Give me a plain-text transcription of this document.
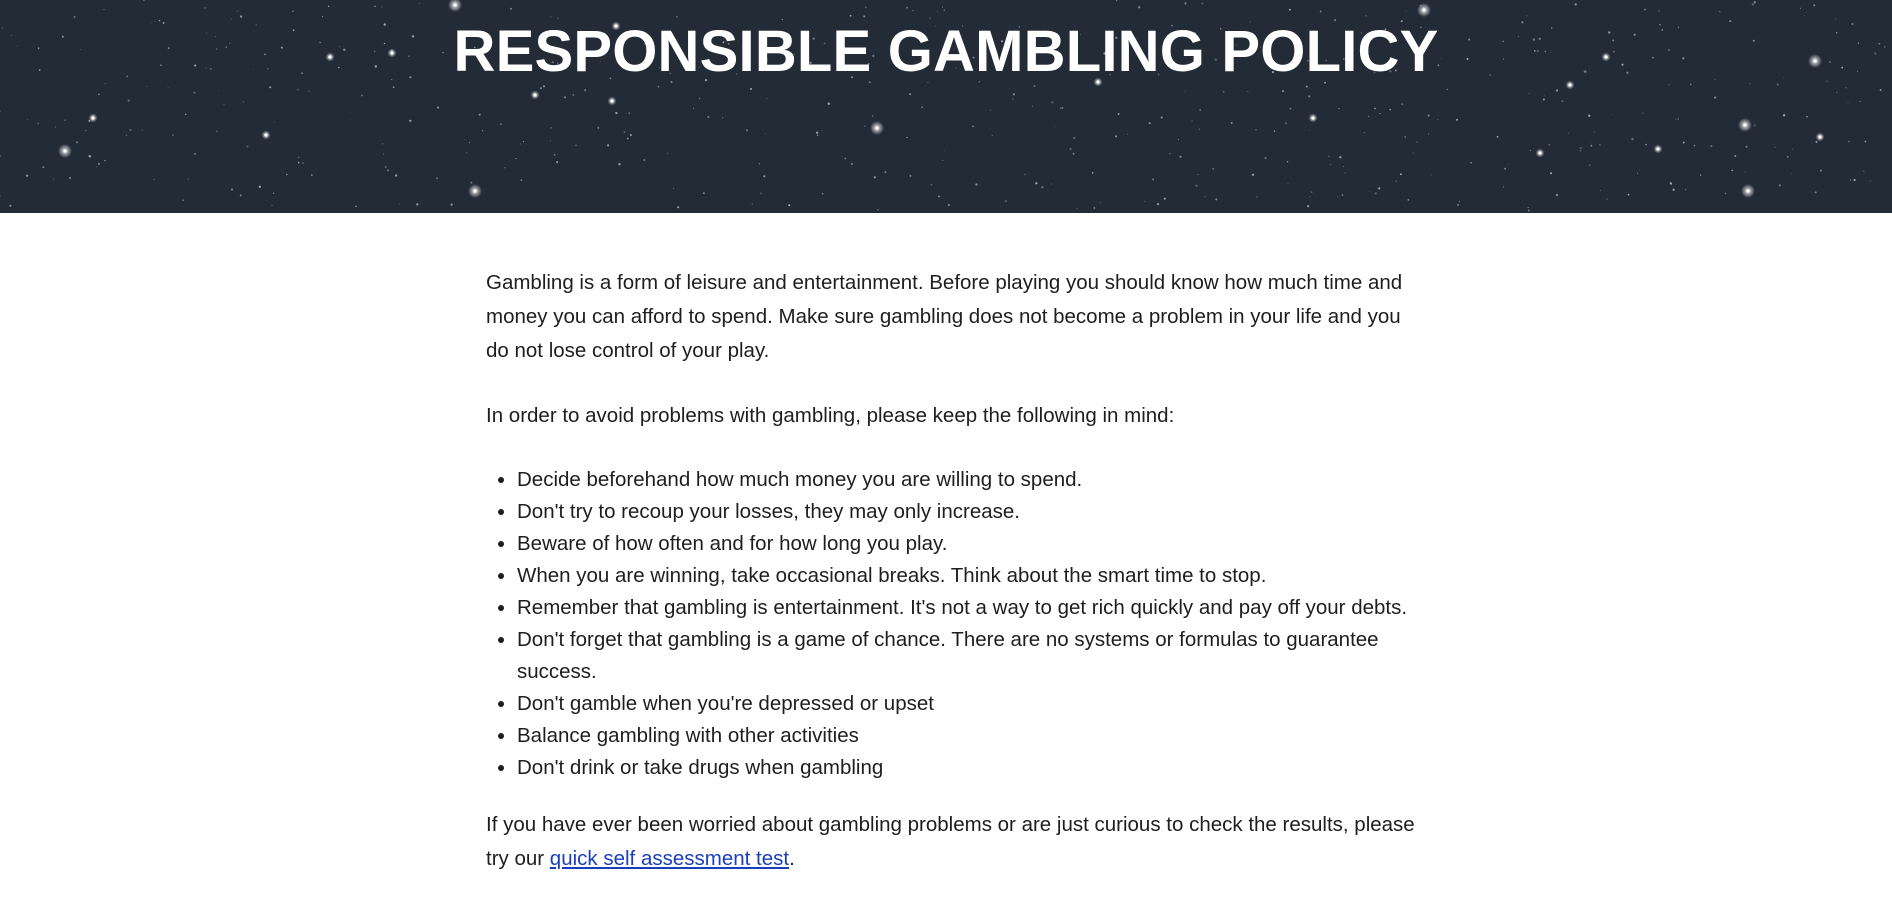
RESPONSIBLE GAMBLING POLICY

Gambling is a form of leisure and entertainment. Before playing you should know how much time and money you can afford to spend. Make sure gambling does not become a problem in your life and you do not lose control of your play.

In order to avoid problems with gambling, please keep the following in mind:

• Decide beforehand how much money you are willing to spend.
• Don't try to recoup your losses, they may only increase.
• Beware of how often and for how long you play.
• When you are winning, take occasional breaks. Think about the smart time to stop.
• Remember that gambling is entertainment. It's not a way to get rich quickly and pay off your debts.
• Don't forget that gambling is a game of chance. There are no systems or formulas to guarantee success.
• Don't gamble when you're depressed or upset
• Balance gambling with other activities
• Don't drink or take drugs when gambling

If you have ever been worried about gambling problems or are just curious to check the results, please try our quick self assessment test.
